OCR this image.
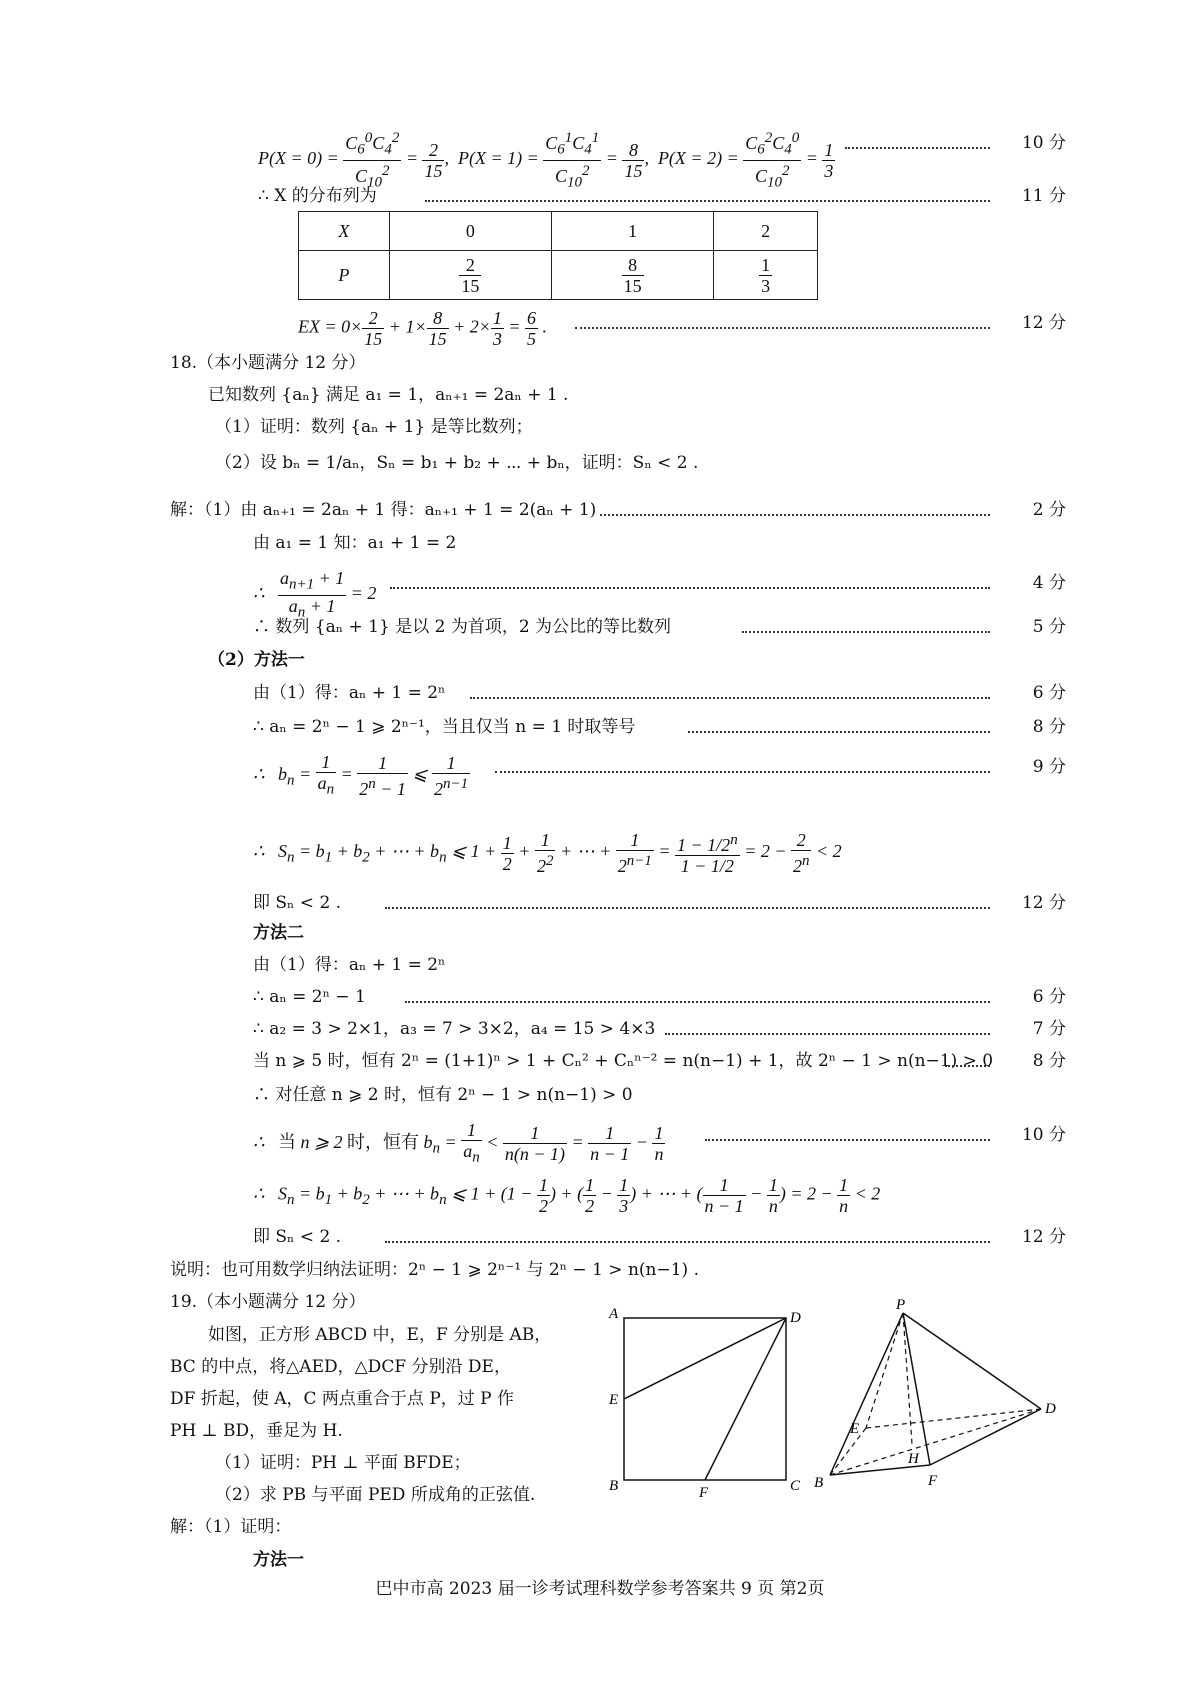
$P(X = 0) = \frac{C_6^0C_4^2}{C_{10}^2} = \frac{2}{15}$ ,  $P(X = 1) = \frac{C_6^1C_4^1}{C_{10}^2} = \frac{8}{15}$ ,  $P(X = 2) = \frac{C_6^2C_4^0}{C_{10}^2} = \frac{1}{3}$	10 分
∴ X 的分布列为	11 分
X	0	1	2
P	$\frac{2}{15}$	$\frac{8}{15}$	$\frac{1}{3}$
EX = $0\times \frac{2}{15} + 1\times \frac{8}{15} + 2\times \frac{1}{3} = \frac{6}{5}$ .	12 分
18.（本小题满分 12 分）
已知数列 {aₙ} 满足 a₁ = 1，aₙ₊₁ = 2aₙ + 1 .
（1）证明：数列 {aₙ + 1} 是等比数列；
（2）设 bₙ = 1/aₙ，Sₙ = b₁ + b₂ + ⋯ + bₙ，证明：Sₙ < 2 .
解：（1）由 aₙ₊₁ = 2aₙ + 1 得：aₙ₊₁ + 1 = 2(aₙ + 1)	2 分
由 a₁ = 1 知：a₁ + 1 = 2
∴ $\frac{a_{n+1} + 1}{a_n + 1} = 2$
4 分
∴ 数列 {aₙ + 1} 是以 2 为首项，2 为公比的等比数列	5 分
（2）方法一
由（1）得：aₙ + 1 = 2ⁿ	6 分
∴ aₙ = 2ⁿ − 1 ⩾ 2ⁿ⁻¹，当且仅当 n = 1 时取等号	8 分
∴   $b_n = \frac{1}{a_n} = \frac{1}{2^n - 1}$ ⩽ $\frac{1}{2^{n-1}}$	9 分
∴   $S_n = b_1 + b_2$ + ⋯ + $b_n$ ⩽ $1 + \frac{1}{2} + \frac{1}{2^2}$ + ⋯ + $\frac{1}{2^{n-1}} = \frac{1 - 1/2^n}{1 - 1/2} = 2 - \frac{2}{2^n} < 2$
即 Sₙ < 2 .	12 分
方法二
由（1）得：aₙ + 1 = 2ⁿ
∴ aₙ = 2ⁿ − 1	6 分
∴ a₂ = 3 > 2×1，a₃ = 7 > 3×2，a₄ = 15 > 4×3	7 分
当 n ⩾ 5 时，恒有 2ⁿ = (1+1)ⁿ > 1 + Cₙ² + Cₙⁿ⁻² = n(n−1) + 1，故 2ⁿ − 1 > n(n−1) > 0 8 分
∴ 对任意 n ⩾ 2 时，恒有 2ⁿ − 1 > n(n−1) > 0
∴   当 n ⩾ 2 时，恒有 $b_n = \frac{1}{a_n} < \frac{1}{n(n - 1)} = \frac{1}{n - 1} - \frac{1}{n}$	10 分
∴   $S_n = b_1 + b_2$ + ⋯ + $b_n$ ⩽ $1 + (1 - \frac{1}{2}$ ) + ( $\frac{1}{2} - \frac{1}{3}$ ) + ⋯ + ( $\frac{1}{n - 1} - \frac{1}{n}$ ) = $2 - \frac{1}{n} < 2$
即 Sₙ < 2 .	12 分
说明：也可用数学归纳法证明：2ⁿ − 1 ⩾ 2ⁿ⁻¹ 与 2ⁿ − 1 > n(n−1) .
19.（本小题满分 12 分）
如图，正方形 ABCD 中，E，F 分别是 AB，
BC 的中点，将△AED，△DCF 分别沿 DE，
DF 折起，使 A，C 两点重合于点 P，过 P 作
PH ⊥ BD，垂足为 H.
（1）证明：PH ⊥ 平面 BFDE；
（2）求 PB 与平面 PED 所成角的正弦值.
解：（1）证明：
方法一
A	D
E
B	F	C
P
D
E
H
B	F
巴中市高 2023 届一诊考试理科数学参考答案共 9 页 第2页
